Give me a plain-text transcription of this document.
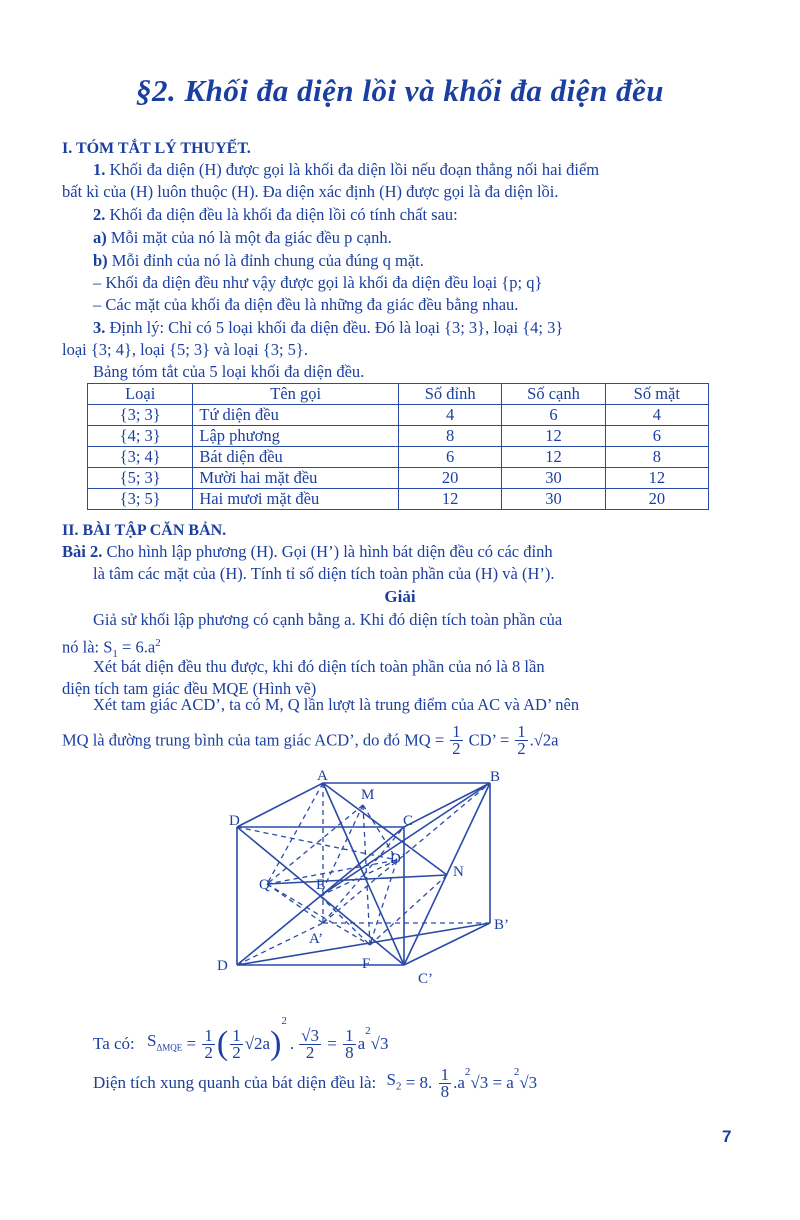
§2. Khối đa diện lồi và khối đa diện đều
I. TÓM TẮT LÝ THUYẾT.
1. Khối đa diện (H) được gọi là khối đa diện lồi nếu đoạn thẳng nối hai điểm
bất kì của (H) luôn thuộc (H). Đa diện xác định (H) được gọi là đa diện lồi.
2. Khối đa diện đều là khối đa diện lồi có tính chất sau:
a) Mỗi mặt của nó là một đa giác đều p cạnh.
b) Mỗi đỉnh của nó là đỉnh chung của đúng q mặt.
– Khối đa diện đều như vậy được gọi là khối đa diện đều loại {p; q}
– Các mặt của khối đa diện đều là những đa giác đều bằng nhau.
3. Định lý: Chỉ có 5 loại khối đa diện đều. Đó là loại {3; 3}, loại {4; 3}
loại {3; 4}, loại {5; 3} và loại {3; 5}.
Bảng tóm tắt của 5 loại khối đa diện đều.
Loại	Tên gọi	Số đỉnh	Số cạnh	Số mặt
{3; 3}	Tứ diện đều	4	6	4
{4; 3}	Lập phương	8	12	6
{3; 4}	Bát diện đều	6	12	8
{5; 3}	Mười hai mặt đều	20	30	12
{3; 5}	Hai mươi mặt đều	12	30	20
II. BÀI TẬP CĂN BẢN.
Bài 2. Cho hình lập phương (H). Gọi (H’) là hình bát diện đều có các đỉnh
là tâm các mặt của (H). Tính tỉ số diện tích toàn phần của (H) và (H’).
Giải
Giả sử khối lập phương có cạnh bằng a. Khi đó diện tích toàn phần của
nó là: $S_1 = 6.a^2$
Xét bát diện đều thu được, khi đó diện tích toàn phần của nó là 8 lần
diện tích tam giác đều MQE (Hình vẽ)
Xét tam giác ACD’, ta có M, Q lần lượt là trung điểm của AC và AD’ nên
MQ là đường trung bình của tam giác ACD’, do đó MQ = $\frac{1}{2}$ CD’ = $\frac{1}{2} .√2a$
A
M
B
D	C
D’
Q	E
N
A’
B’
D	F
C’
Ta có: $S_{\Delta MQE} = \frac{1}{2}$ ( $\frac{1}{2} √2a)^2$. $\frac{√3}{2} = \frac{1}{8} a^2√3$
Diện tích xung quanh của bát diện đều là: $S_2 = 8$. $\frac{1}{8} .a^2√3 = a^2√3$
7
